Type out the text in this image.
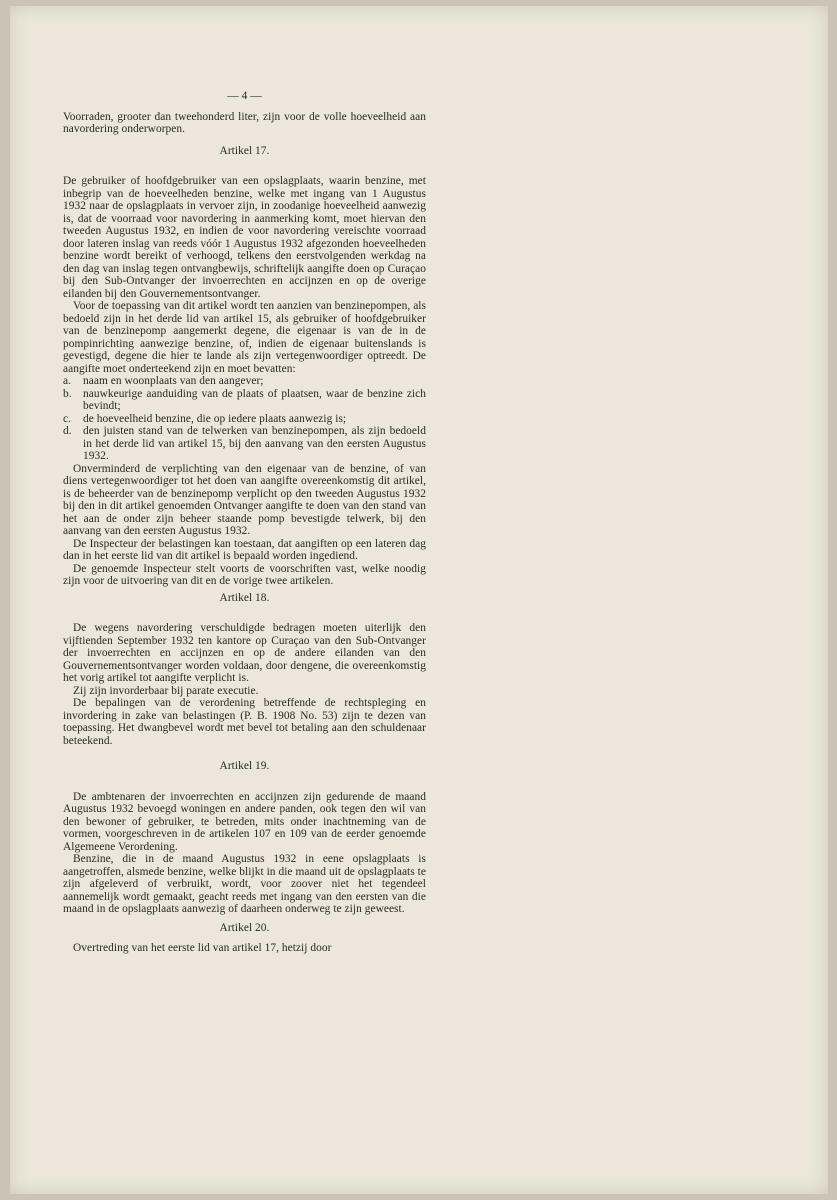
— 4 —

Voorraden, grooter dan tweehonderd liter, zijn voor de volle hoeveelheid aan navordering onderworpen.

Artikel 17.

De gebruiker of hoofdgebruiker van een opslagplaats, waarin benzine, met inbegrip van de hoeveelheden benzine, welke met ingang van 1 Augustus 1932 naar de opslagplaats in vervoer zijn, in zoodanige hoeveelheid aanwezig is, dat de voorraad voor navordering in aanmerking komt, moet hiervan den tweeden Augustus 1932, en indien de voor navordering vereischte voorraad door lateren inslag van reeds vóór 1 Augustus 1932 afgezonden hoeveelheden benzine wordt bereikt of verhoogd, telkens den eerstvolgenden werkdag na den dag van inslag tegen ontvangbewijs, schriftelijk aangifte doen op Curaçao bij den Sub-Ontvanger der invoerrechten en accijnzen en op de overige eilanden bij den Gouvernementsontvanger.

Voor de toepassing van dit artikel wordt ten aanzien van benzinepompen, als bedoeld zijn in het derde lid van artikel 15, als gebruiker of hoofdgebruiker van de benzinepomp aangemerkt degene, die eigenaar is van de in de pompinrichting aanwezige benzine, of, indien de eigenaar buitenslands is gevestigd, degene die hier te lande als zijn vertegenwoordiger optreedt. De aangifte moet onderteekend zijn en moet bevatten:

a.	naam en woonplaats van den aangever;
b. nauwkeurige aanduiding van de plaats of plaatsen, waar de benzine zich bevindt;
c.	de hoeveelheid benzine, die op iedere plaats aanwezig is;
d. den juisten stand van de telwerken van benzinepompen, als zijn bedoeld in het derde lid van artikel 15, bij den aanvang van den eersten Augustus 1932.

Onverminderd de verplichting van den eigenaar van de benzine, of van diens vertegenwoordiger tot het doen van aangifte overeenkomstig dit artikel, is de beheerder van de benzinepomp verplicht op den tweeden Augustus 1932 bij den in dit artikel genoemden Ontvanger aangifte te doen van den stand van het aan de onder zijn beheer staande pomp bevestigde telwerk, bij den aanvang van den eersten Augustus 1932.

De Inspecteur der belastingen kan toestaan, dat aangiften op een lateren dag dan in het eerste lid van dit artikel is bepaald worden ingediend.

De genoemde Inspecteur stelt voorts de voorschriften vast, welke noodig zijn voor de uitvoering van dit en de vorige twee artikelen.

Artikel 18.

De wegens navordering verschuldigde bedragen moeten uiterlijk den vijftienden September 1932 ten kantore op Curaçao van den Sub-Ontvanger der invoerrechten en accijnzen en op de andere eilanden van den Gouvernementsontvanger worden voldaan, door dengene, die overeenkomstig het vorig artikel tot aangifte verplicht is.

Zij zijn invorderbaar bij parate executie.

De bepalingen van de verordening betreffende de rechtspleging en invordering in zake van belastingen (P. B. 1908 No. 53) zijn te dezen van toepassing. Het dwangbevel wordt met bevel tot betaling aan den schuldenaar beteekend.

Artikel 19.

De ambtenaren der invoerrechten en accijnzen zijn gedurende de maand Augustus 1932 bevoegd woningen en andere panden, ook tegen den wil van den bewoner of gebruiker, te betreden, mits onder inachtneming van de vormen, voorgeschreven in de artikelen 107 en 109 van de eerder genoemde Algemeene Verordening.

Benzine, die in de maand Augustus 1932 in eene opslagplaats is aangetroffen, alsmede benzine, welke blijkt in die maand uit de opslagplaats te zijn afgeleverd of verbruikt, wordt, voor zoover niet het tegendeel aannemelijk wordt gemaakt, geacht reeds met ingang van den eersten van die maand in de opslagplaats aanwezig of daarheen onderweg te zijn geweest.

Artikel 20.

Overtreding van het eerste lid van artikel 17, hetzij door
